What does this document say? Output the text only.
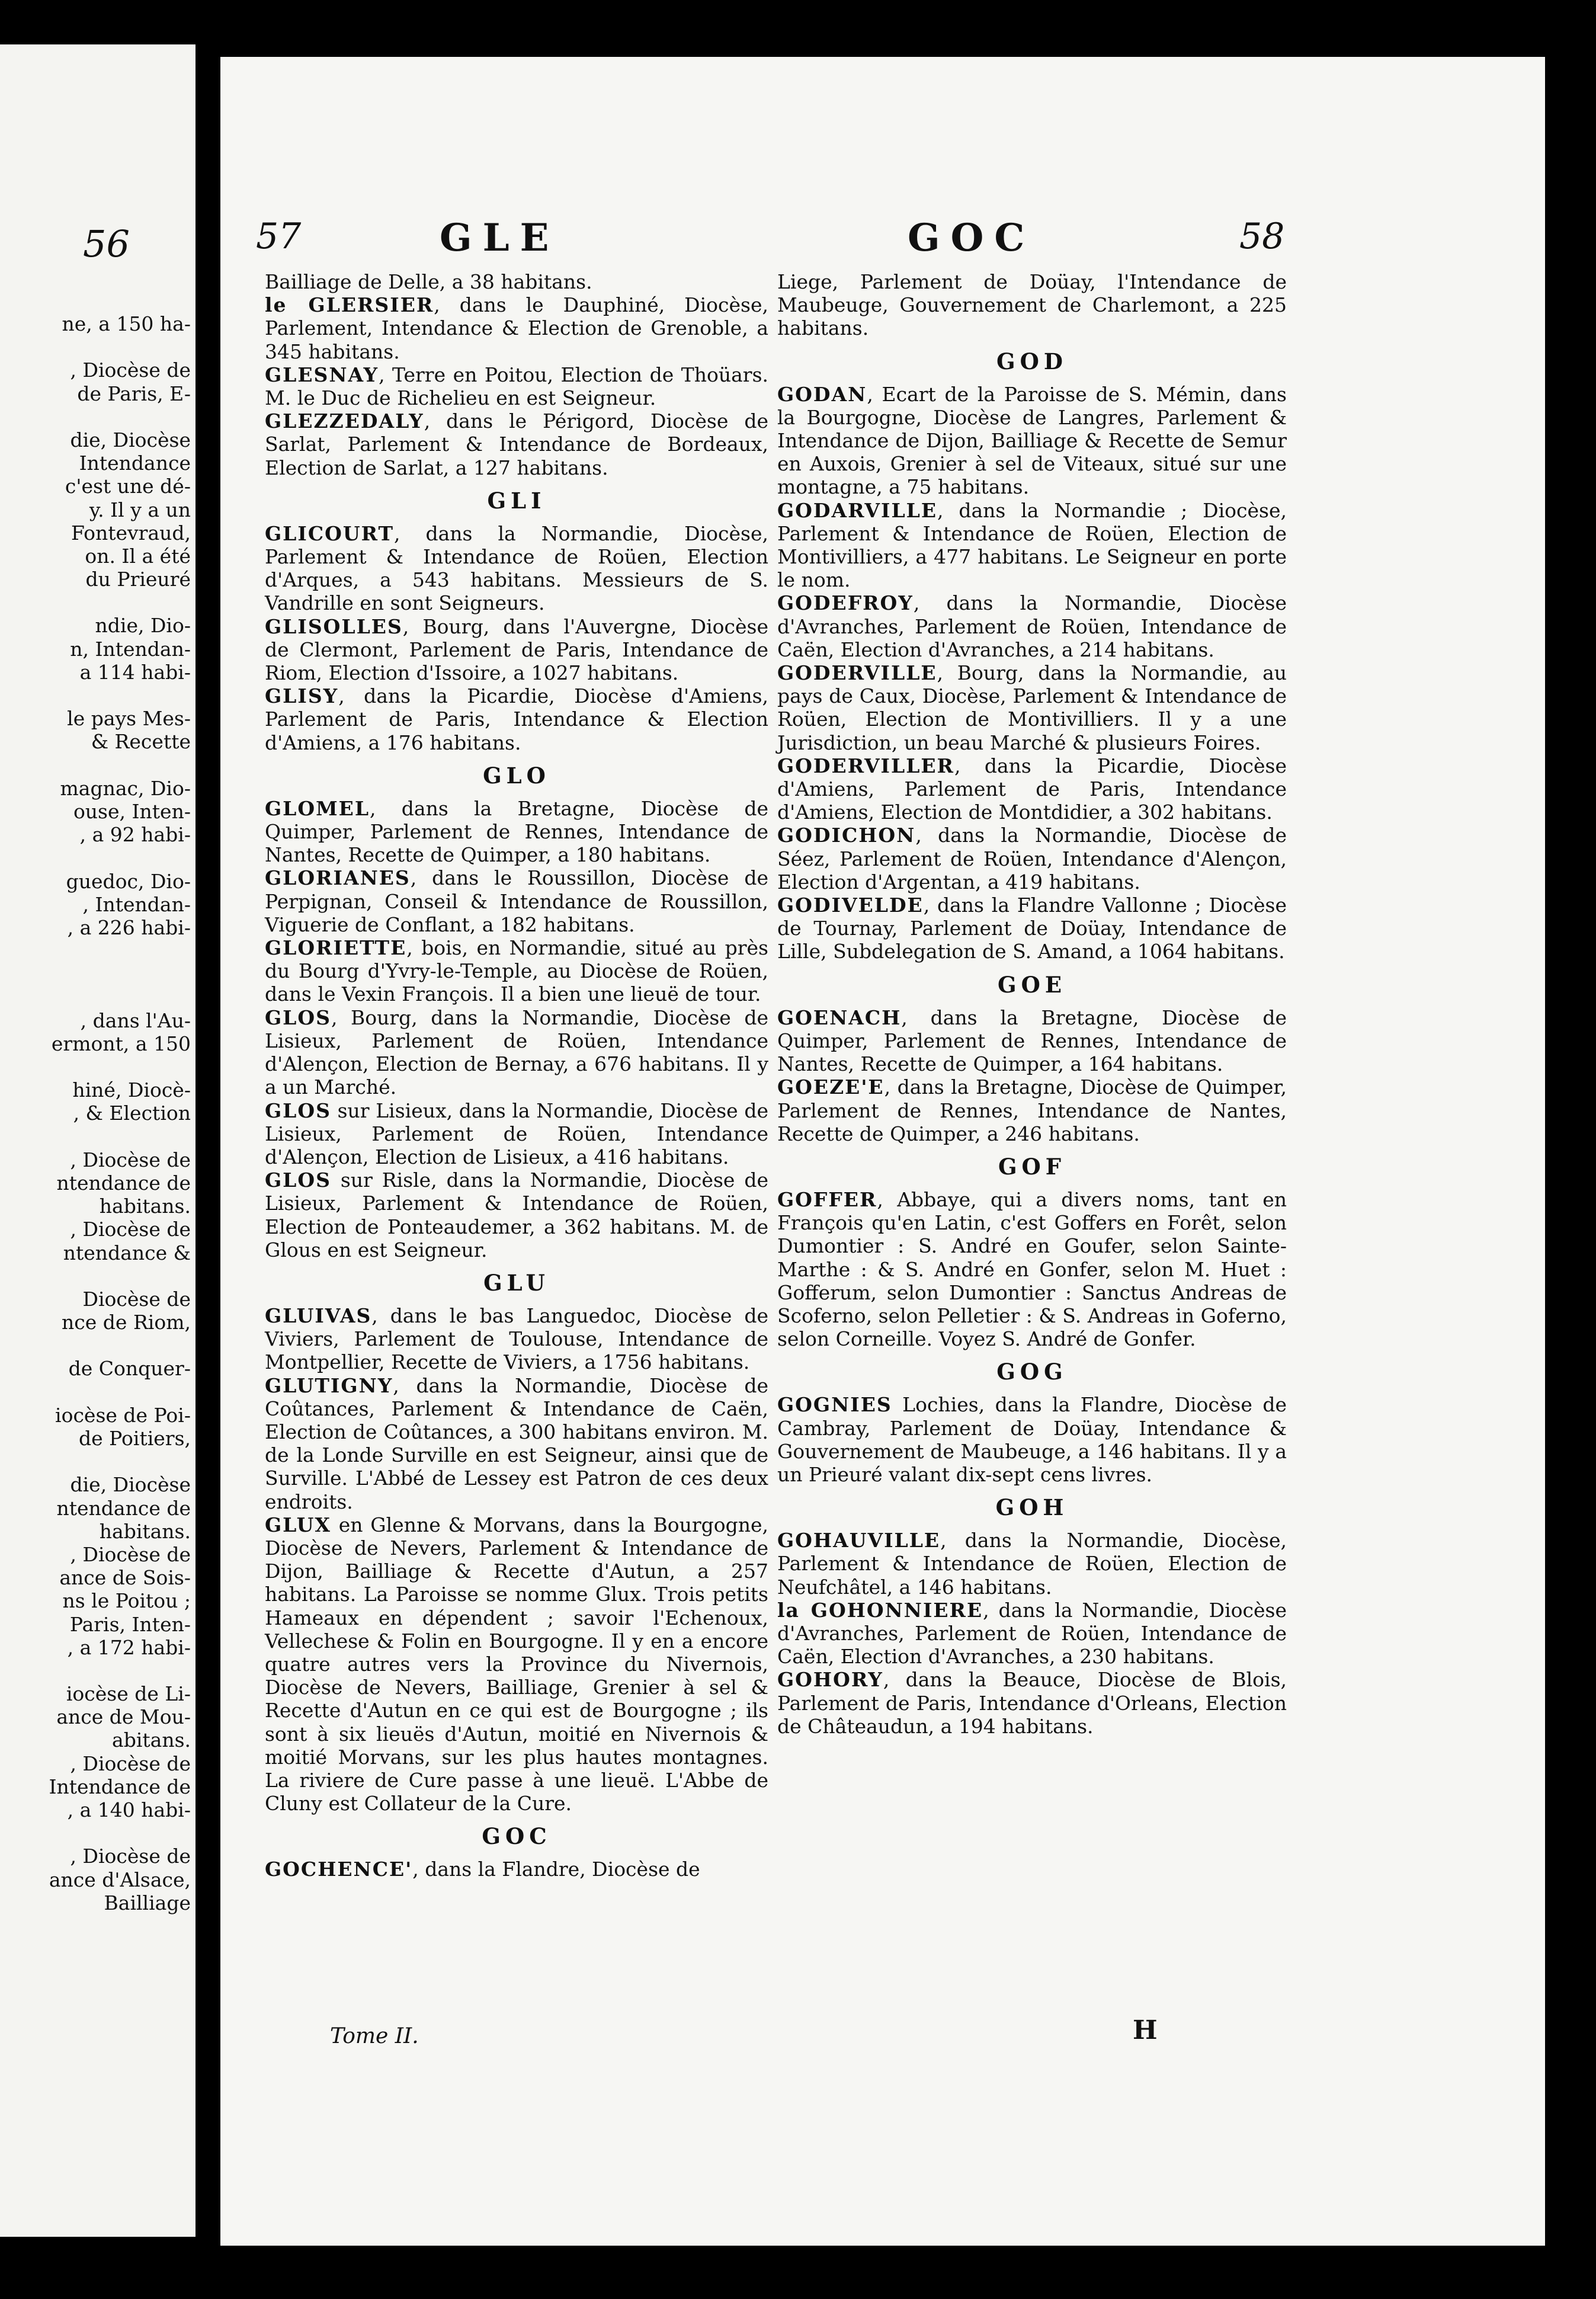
56
ne, a 150 ha-
, Diocèse de
de Paris, E-
die, Diocèse
Intendance
c'est une dé-
y. Il y a un
Fontevraud,
on. Il a été
du Prieuré
ndie, Dio-
n, Intendan-
a 114 habi-
le pays Mes-
& Recette
magnac, Dio-
ouse, Inten-
, a 92 habi-
guedoc, Dio-
, Intendan-
, a 226 habi-
, dans l'Au-
ermont, a 150
hiné, Diocè-
, & Election
, Diocèse de
ntendance de
habitans.
, Diocèse de
ntendance &
Diocèse de
nce de Riom,
de Conquer-
iocèse de Poi-
de Poitiers,
die, Diocèse
ntendance de
habitans.
, Diocèse de
ance de Sois-
ns le Poitou ;
Paris, Inten-
, a 172 habi-
iocèse de Li-
ance de Mou-
abitans.
, Diocèse de
Intendance de
, a 140 habi-
, Diocèse de
ance d'Alsace,
Bailliage
57	GLE	GOC	58

Bailliage de Delle, a 38 habitans.

le GLERSIER, dans le Dauphiné, Diocèse, Parlement, Intendance & Election de Grenoble, a 345 habitans.

GLESNAY, Terre en Poitou, Election de Thoüars. M. le Duc de Richelieu en est Seigneur.

GLEZZEDALY, dans le Périgord, Diocèse de Sarlat, Parlement & Intendance de Bordeaux, Election de Sarlat, a 127 habitans.

GLI

GLICOURT, dans la Normandie, Diocèse, Parlement & Intendance de Roüen, Election d'Arques, a 543 habitans. Messieurs de S. Vandrille en sont Seigneurs.

GLISOLLES, Bourg, dans l'Auvergne, Diocèse de Clermont, Parlement de Paris, Intendance de Riom, Election d'Issoire, a 1027 habitans.

GLISY, dans la Picardie, Diocèse d'Amiens, Parlement de Paris, Intendance & Election d'Amiens, a 176 habitans.

GLO

GLOMEL, dans la Bretagne, Diocèse de Quimper, Parlement de Rennes, Intendance de Nantes, Recette de Quimper, a 180 habitans.

GLORIANES, dans le Roussillon, Diocèse de Perpignan, Conseil & Intendance de Roussillon, Viguerie de Conflant, a 182 habitans.

GLORIETTE, bois, en Normandie, situé au près du Bourg d'Yvry-le-Temple, au Diocèse de Roüen, dans le Vexin François. Il a bien une lieuë de tour.

GLOS, Bourg, dans la Normandie, Diocèse de Lisieux, Parlement de Roüen, Intendance d'Alençon, Election de Bernay, a 676 habitans. Il y a un Marché.

GLOS sur Lisieux, dans la Normandie, Diocèse de Lisieux, Parlement de Roüen, Intendance d'Alençon, Election de Lisieux, a 416 habitans.

GLOS sur Risle, dans la Normandie, Diocèse de Lisieux, Parlement & Intendance de Roüen, Election de Ponteaudemer, a 362 habitans. M. de Glous en est Seigneur.

GLU

GLUIVAS, dans le bas Languedoc, Diocèse de Viviers, Parlement de Toulouse, Intendance de Montpellier, Recette de Viviers, a 1756 habitans.

GLUTIGNY, dans la Normandie, Diocèse de Coûtances, Parlement & Intendance de Caën, Election de Coûtances, a 300 habitans environ. M. de la Londe Surville en est Seigneur, ainsi que de Surville. L'Abbé de Lessey est Patron de ces deux endroits.

GLUX en Glenne & Morvans, dans la Bourgogne, Diocèse de Nevers, Parlement & Intendance de Dijon, Bailliage & Recette d'Autun, a 257 habitans. La Paroisse se nomme Glux. Trois petits Hameaux en dépendent ; savoir l'Echenoux, Vellechese & Folin en Bourgogne. Il y en a encore quatre autres vers la Province du Nivernois, Diocèse de Nevers, Bailliage, Grenier à sel & Recette d'Autun en ce qui est de Bourgogne ; ils sont à six lieuës d'Autun, moitié en Nivernois & moitié Morvans, sur les plus hautes montagnes. La riviere de Cure passe à une lieuë. L'Abbe de Cluny est Collateur de la Cure.

GOC

GOCHENCE', dans la Flandre, Diocèse de

Liege, Parlement de Doüay, l'Intendance de Maubeuge, Gouvernement de Charlemont, a 225 habitans.

GOD

GODAN, Ecart de la Paroisse de S. Mémin, dans la Bourgogne, Diocèse de Langres, Parlement & Intendance de Dijon, Bailliage & Recette de Semur en Auxois, Grenier à sel de Viteaux, situé sur une montagne, a 75 habitans.

GODARVILLE, dans la Normandie ; Diocèse, Parlement & Intendance de Roüen, Election de Montivilliers, a 477 habitans. Le Seigneur en porte le nom.

GODEFROY, dans la Normandie, Diocèse d'Avranches, Parlement de Roüen, Intendance de Caën, Election d'Avranches, a 214 habitans.

GODERVILLE, Bourg, dans la Normandie, au pays de Caux, Diocèse, Parlement & Intendance de Roüen, Election de Montivilliers. Il y a une Jurisdiction, un beau Marché & plusieurs Foires.

GODERVILLER, dans la Picardie, Diocèse d'Amiens, Parlement de Paris, Intendance d'Amiens, Election de Montdidier, a 302 habitans.

GODICHON, dans la Normandie, Diocèse de Séez, Parlement de Roüen, Intendance d'Alençon, Election d'Argentan, a 419 habitans.

GODIVELDE, dans la Flandre Vallonne ; Diocèse de Tournay, Parlement de Doüay, Intendance de Lille, Subdelegation de S. Amand, a 1064 habitans.

GOE

GOENACH, dans la Bretagne, Diocèse de Quimper, Parlement de Rennes, Intendance de Nantes, Recette de Quimper, a 164 habitans.

GOEZE'E, dans la Bretagne, Diocèse de Quimper, Parlement de Rennes, Intendance de Nantes, Recette de Quimper, a 246 habitans.

GOF

GOFFER, Abbaye, qui a divers noms, tant en François qu'en Latin, c'est Goffers en Forêt, selon Dumontier : S. André en Goufer, selon Sainte-Marthe : & S. André en Gonfer, selon M. Huet : Gofferum, selon Dumontier : Sanctus Andreas de Scoferno, selon Pelletier : & S. Andreas in Goferno, selon Corneille. Voyez S. André de Gonfer.

GOG

GOGNIES Lochies, dans la Flandre, Diocèse de Cambray, Parlement de Doüay, Intendance & Gouvernement de Maubeuge, a 146 habitans. Il y a un Prieuré valant dix-sept cens livres.

GOH

GOHAUVILLE, dans la Normandie, Diocèse, Parlement & Intendance de Roüen, Election de Neufchâtel, a 146 habitans.

la GOHONNIERE, dans la Normandie, Diocèse d'Avranches, Parlement de Roüen, Intendance de Caën, Election d'Avranches, a 230 habitans.

GOHORY, dans la Beauce, Diocèse de Blois, Parlement de Paris, Intendance d'Orleans, Election de Châteaudun, a 194 habitans.

Tome II.	H
